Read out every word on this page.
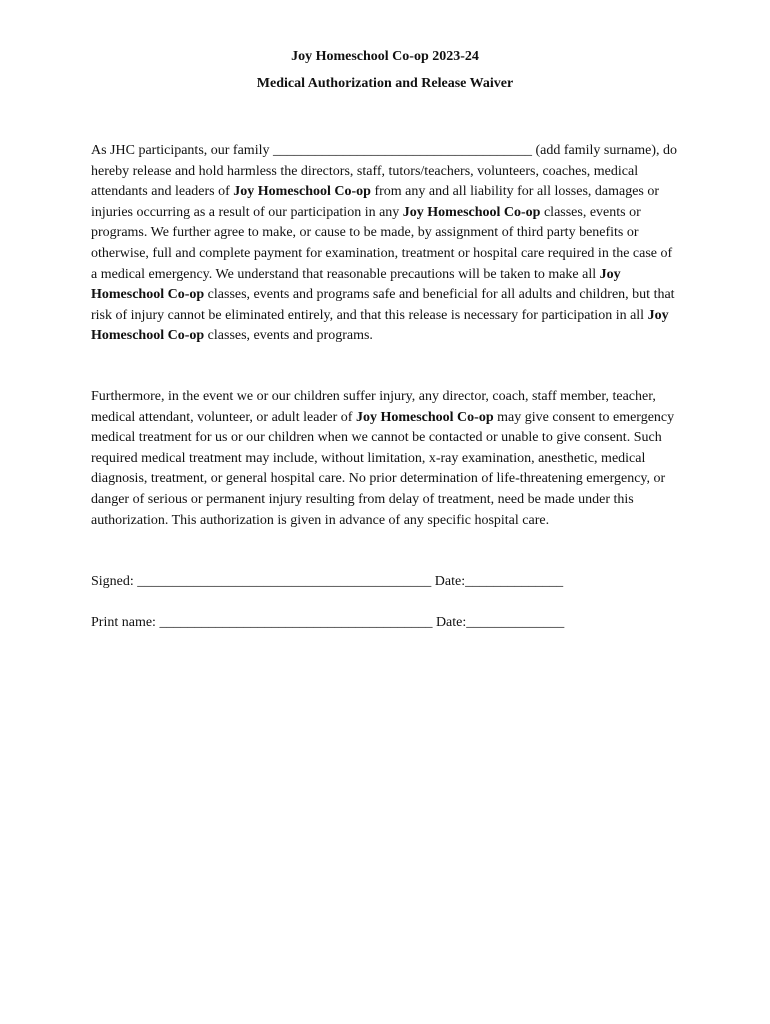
Joy Homeschool Co-op 2023-24
Medical Authorization and Release Waiver

As JHC participants, our family _____________________________________ (add family surname), do hereby release and hold harmless the directors, staff, tutors/teachers, volunteers, coaches, medical attendants and leaders of Joy Homeschool Co-op from any and all liability for all losses, damages or injuries occurring as a result of our participation in any Joy Homeschool Co-op classes, events or programs. We further agree to make, or cause to be made, by assignment of third party benefits or otherwise, full and complete payment for examination, treatment or hospital care required in the case of a medical emergency. We understand that reasonable precautions will be taken to make all Joy Homeschool Co-op classes, events and programs safe and beneficial for all adults and children, but that risk of injury cannot be eliminated entirely, and that this release is necessary for participation in all Joy Homeschool Co-op classes, events and programs.

Furthermore, in the event we or our children suffer injury, any director, coach, staff member, teacher, medical attendant, volunteer, or adult leader of Joy Homeschool Co-op may give consent to emergency medical treatment for us or our children when we cannot be contacted or unable to give consent. Such required medical treatment may include, without limitation, x-ray examination, anesthetic, medical diagnosis, treatment, or general hospital care. No prior determination of life-threatening emergency, or danger of serious or permanent injury resulting from delay of treatment, need be made under this authorization. This authorization is given in advance of any specific hospital care.

Signed: __________________________________________ Date:______________
Print name: _______________________________________ Date:______________
